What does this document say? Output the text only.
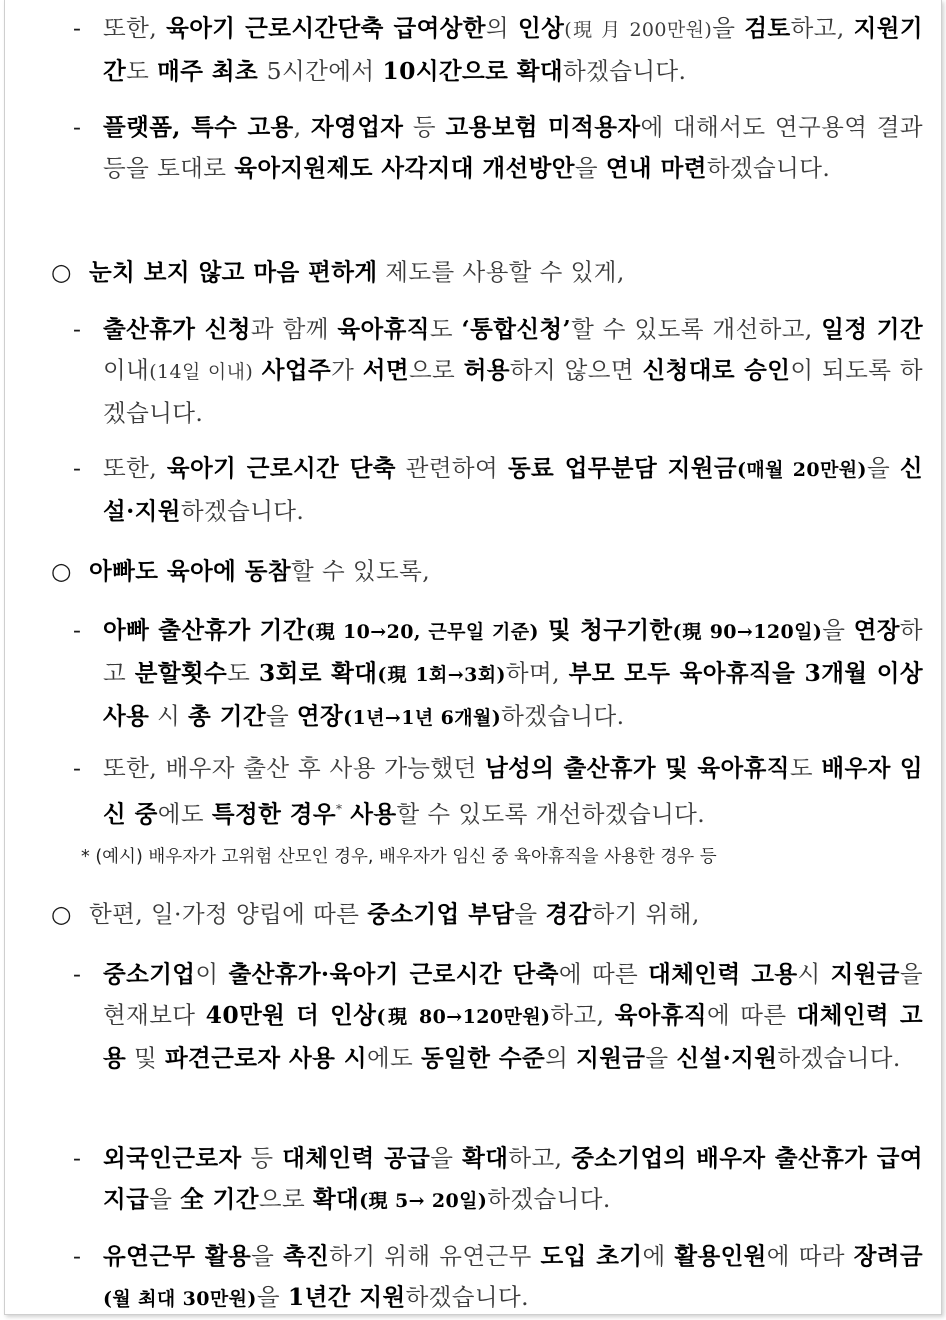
- 또한, 육아기 근로시간단축 급여상한의 인상(現 月 200만원)을 검토하고, 지원기간도 매주 최초 5시간에서 10시간으로 확대하겠습니다.
- 플랫폼, 특수 고용, 자영업자 등 고용보험 미적용자에 대해서도 연구용역 결과 등을 토대로 육아지원제도 사각지대 개선방안을 연내 마련하겠습니다.
○ 눈치 보지 않고 마음 편하게 제도를 사용할 수 있게,
- 출산휴가 신청과 함께 육아휴직도 ‘통합신청’할 수 있도록 개선하고, 일정 기간 이내(14일 이내) 사업주가 서면으로 허용하지 않으면 신청대로 승인이 되도록 하겠습니다.
- 또한, 육아기 근로시간 단축 관련하여 동료 업무분담 지원금(매월 20만원)을 신설·지원하겠습니다.
○ 아빠도 육아에 동참할 수 있도록,
- 아빠 출산휴가 기간(現 10→20, 근무일 기준) 및 청구기한(現 90→120일)을 연장하고 분할횟수도 3회로 확대(現 1회→3회)하며, 부모 모두 육아휴직을 3개월 이상 사용 시 총 기간을 연장(1년→1년 6개월)하겠습니다.
- 또한, 배우자 출산 후 사용 가능했던 남성의 출산휴가 및 육아휴직도 배우자 임신 중에도 특정한 경우* 사용할 수 있도록 개선하겠습니다.
* (예시) 배우자가 고위험 산모인 경우, 배우자가 임신 중 육아휴직을 사용한 경우 등
○ 한편, 일·가정 양립에 따른 중소기업 부담을 경감하기 위해,
- 중소기업이 출산휴가·육아기 근로시간 단축에 따른 대체인력 고용시 지원금을 현재보다 40만원 더 인상(現 80→120만원)하고, 육아휴직에 따른 대체인력 고용 및 파견근로자 사용 시에도 동일한 수준의 지원금을 신설·지원하겠습니다.
- 외국인근로자 등 대체인력 공급을 확대하고, 중소기업의 배우자 출산휴가 급여 지급을 全 기간으로 확대(現 5→ 20일)하겠습니다.
- 유연근무 활용을 촉진하기 위해 유연근무 도입 초기에 활용인원에 따라 장려금(월 최대 30만원)을 1년간 지원하겠습니다.
